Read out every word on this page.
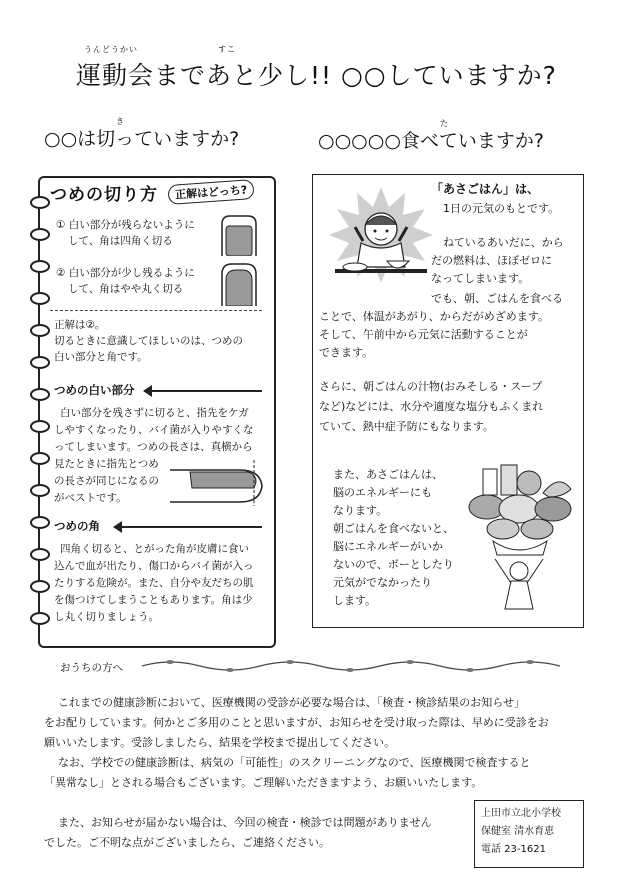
うんどうかい	すこ
運動会まであと少し!! ○○していますか?
き
○○は切っていますか?
た
○○○○○食べていますか?
つめの切り方	正解はどっち?
① 白い部分が残らないように
して、角は四角く切る
② 白い部分が少し残るように
して、角はやや丸く切る
正解は②。
切るときに意識してほしいのは、つめの
白い部分と角です。
つめの白い部分
白い部分を残さずに切ると、指先をケガ
しやすくなったり、バイ菌が入りやすくな
ってしまいます。つめの長さは、真横から
見たときに指先とつめ
の長さが同じになるの
がベストです。
つめの角
四角く切ると、とがった角が皮膚に食い
込んで血が出たり、傷口からバイ菌が入っ
たりする危険が。また、自分や友だちの肌
を傷つけてしまうこともあります。角は少
し丸く切りましょう。
「あさごはん」は、
1日の元気のもとです。
ねているあいだに、から
だの燃料は、ほぼゼロに
なってしまいます。
でも、朝、ごはんを食べる
ことで、体温があがり、からだがめざめます。
そして、午前中から元気に活動することが
できます。
さらに、朝ごはんの汁物(おみそしる・スープ
など)などには、水分や適度な塩分もふくまれ
ていて、熱中症予防にもなります。
また、あさごはんは、
脳のエネルギーにも
なります。
朝ごはんを食べないと、
脳にエネルギーがいか
ないので、ボーとしたり
元気がでなかったり
します。
おうちの方へ
これまでの健康診断において、医療機関の受診が必要な場合は、「検査・検診結果のお知らせ」
をお配りしています。何かとご多用のことと思いますが、お知らせを受け取った際は、早めに受診をお
願いいたします。受診しましたら、結果を学校まで提出してください。
なお、学校での健康診断は、病気の「可能性」のスクリーニングなので、医療機関で検査すると
「異常なし」とされる場合もございます。ご理解いただきますよう、お願いいたします。
また、お知らせが届かない場合は、今回の検査・検診では問題がありません
でした。ご不明な点がございましたら、ご連絡ください。
上田市立北小学校
保健室 清水育恵
電話 23-1621
